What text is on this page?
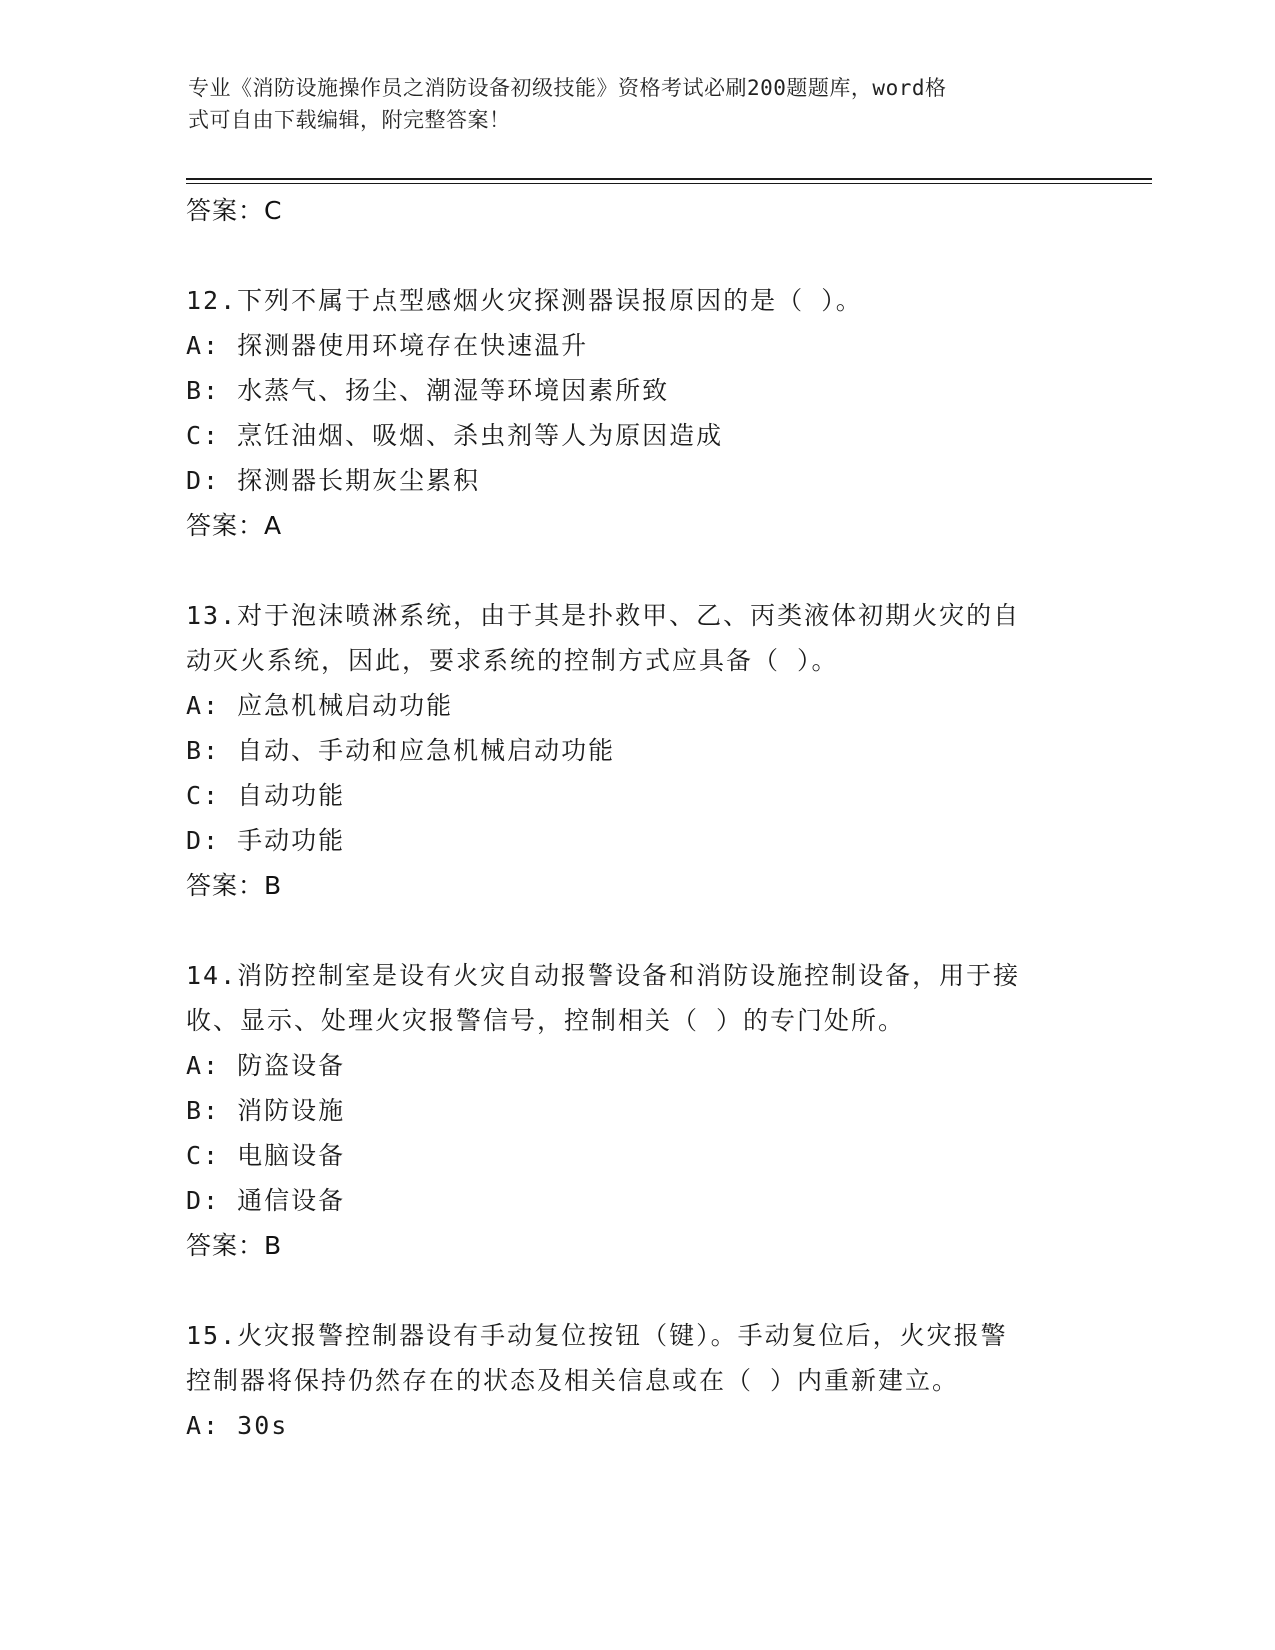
专业《消防设施操作员之消防设备初级技能》资格考试必刷200题题库，word格
式可自由下载编辑，附完整答案！
答案：C
12.下列不属于点型感烟火灾探测器误报原因的是（ ）。
A: 探测器使用环境存在快速温升
B: 水蒸气、扬尘、潮湿等环境因素所致
C: 烹饪油烟、吸烟、杀虫剂等人为原因造成
D: 探测器长期灰尘累积
答案：A
13.对于泡沫喷淋系统，由于其是扑救甲、乙、丙类液体初期火灾的自
动灭火系统，因此，要求系统的控制方式应具备（ ）。
A: 应急机械启动功能
B: 自动、手动和应急机械启动功能
C: 自动功能
D: 手动功能
答案：B
14.消防控制室是设有火灾自动报警设备和消防设施控制设备，用于接
收、显示、处理火灾报警信号，控制相关（ ）的专门处所。
A: 防盗设备
B: 消防设施
C: 电脑设备
D: 通信设备
答案：B
15.火灾报警控制器设有手动复位按钮（键）。手动复位后，火灾报警
控制器将保持仍然存在的状态及相关信息或在（ ）内重新建立。
A: 30s
